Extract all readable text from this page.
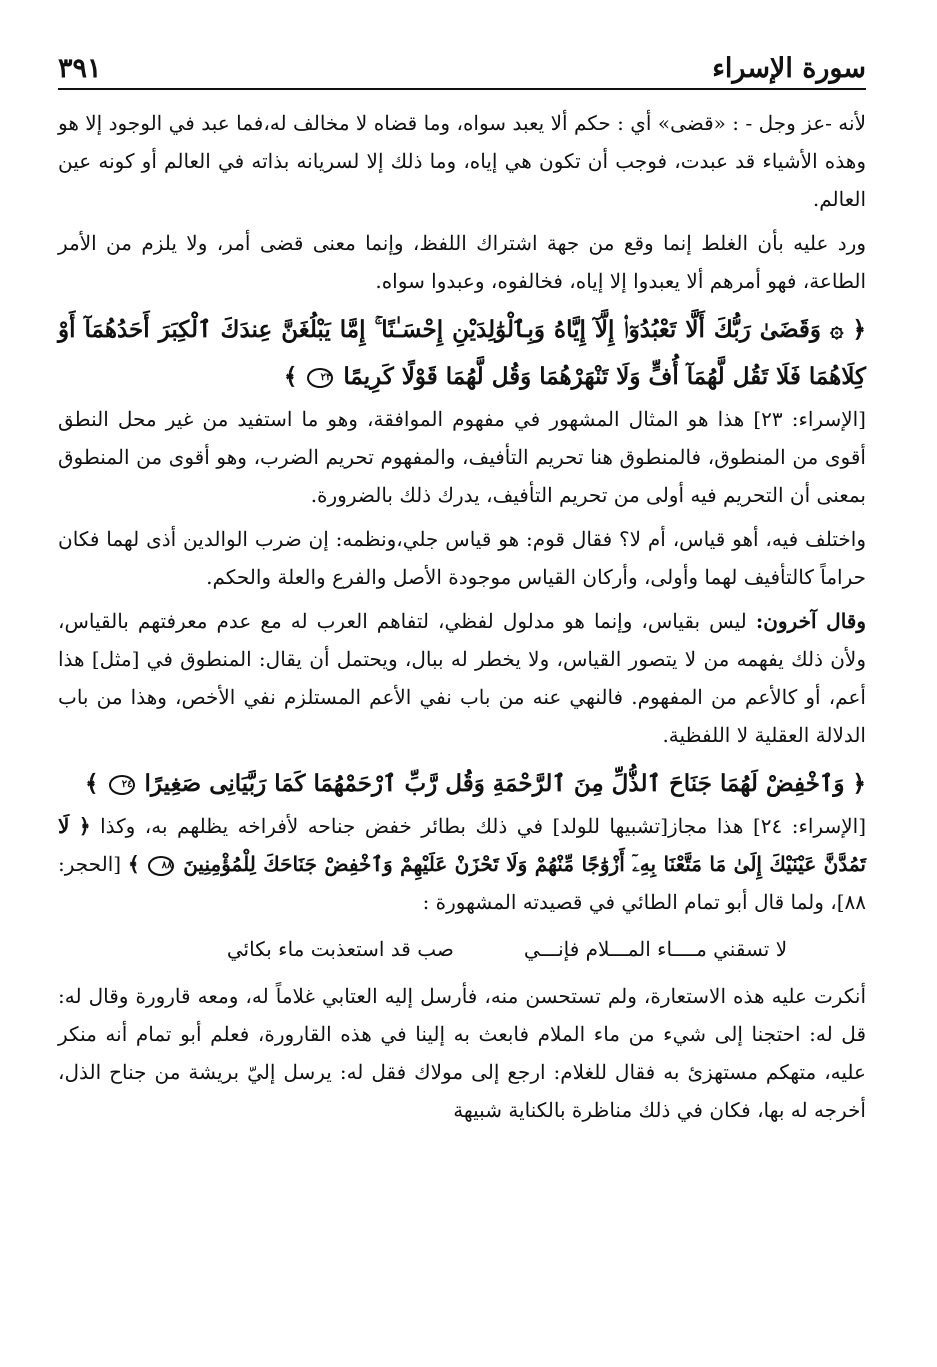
سورة الإسراء
٣٩١

لأنه -عز وجل - : «قضى» أي : حكم ألا يعبد سواه، وما قضاه لا مخالف له،فما عبد في الوجود إلا هو وهذه الأشياء قد عبدت، فوجب أن تكون هي إياه، وما ذلك إلا لسريانه بذاته في العالم أو كونه عين العالم.

ورد عليه بأن الغلط إنما وقع من جهة اشتراك اللفظ، وإنما معنى قضى أمر، ولا يلزم من الأمر الطاعة، فهو أمرهم ألا يعبدوا إلا إياه، فخالفوه، وعبدوا سواه.

﴿ ۞ وَقَضَىٰ رَبُّكَ أَلَّا تَعْبُدُوٓا۟ إِلَّآ إِيَّاهُ وَبِٱلْوَٰلِدَيْنِ إِحْسَـٰنًا ۚ إِمَّا يَبْلُغَنَّ عِندَكَ ٱلْكِبَرَ أَحَدُهُمَآ أَوْ كِلَاهُمَا فَلَا تَقُل لَّهُمَآ أُفٍّ وَلَا تَنْهَرْهُمَا وَقُل لَّهُمَا قَوْلًا كَرِيمًا ٢٣ ﴾

[الإسراء: ٢٣] هذا هو المثال المشهور في مفهوم الموافقة، وهو ما استفيد من غير محل النطق أقوى من المنطوق، فالمنطوق هنا تحريم التأفيف، والمفهوم تحريم الضرب، وهو أقوى من المنطوق بمعنى أن التحريم فيه أولى من تحريم التأفيف، يدرك ذلك بالضرورة.

واختلف فيه، أهو قياس، أم لا؟ فقال قوم: هو قياس جلي،ونظمه: إن ضرب الوالدين أذى لهما فكان حراماً كالتأفيف لهما وأولى، وأركان القياس موجودة الأصل والفرع والعلة والحكم.

وقال آخرون: ليس بقياس، وإنما هو مدلول لفظي، لتفاهم العرب له مع عدم معرفتهم بالقياس، ولأن ذلك يفهمه من لا يتصور القياس، ولا يخطر له ببال، ويحتمل أن يقال: المنطوق في [مثل] هذا أعم، أو كالأعم من المفهوم. فالنهي عنه من باب نفي الأعم المستلزم نفي الأخص، وهذا من باب الدلالة العقلية لا اللفظية.

﴿ وَٱخْفِضْ لَهُمَا جَنَاحَ ٱلذُّلِّ مِنَ ٱلرَّحْمَةِ وَقُل رَّبِّ ٱرْحَمْهُمَا كَمَا رَبَّيَانِى صَغِيرًا ٢٤ ﴾

[الإسراء: ٢٤] هذا مجاز[تشبيها للولد] في ذلك بطائر خفض جناحه لأفراخه يظلهم به، وكذا ﴿ لَا تَمُدَّنَّ عَيْنَيْكَ إِلَىٰ مَا مَتَّعْنَا بِهِۦٓ أَزْوَٰجًا مِّنْهُمْ وَلَا تَحْزَنْ عَلَيْهِمْ وَٱخْفِضْ جَنَاحَكَ لِلْمُؤْمِنِينَ ٨٨ ﴾ [الحجر: ٨٨]، ولما قال أبو تمام الطائي في قصيدته المشهورة :

لا تسقني مــــاء المـــلام فإنـــي
صب قد استعذبت ماء بكائي

أنكرت عليه هذه الاستعارة، ولم تستحسن منه، فأرسل إليه العتابي غلاماً له، ومعه قارورة وقال له: قل له: احتجنا إلى شيء من ماء الملام فابعث به إلينا في هذه القارورة، فعلم أبو تمام أنه منكر عليه، متهكم مستهزئ به فقال للغلام: ارجع إلى مولاك فقل له: يرسل إليّ بريشة من جناح الذل، أخرجه له بها، فكان في ذلك مناظرة بالكناية شبيهة
